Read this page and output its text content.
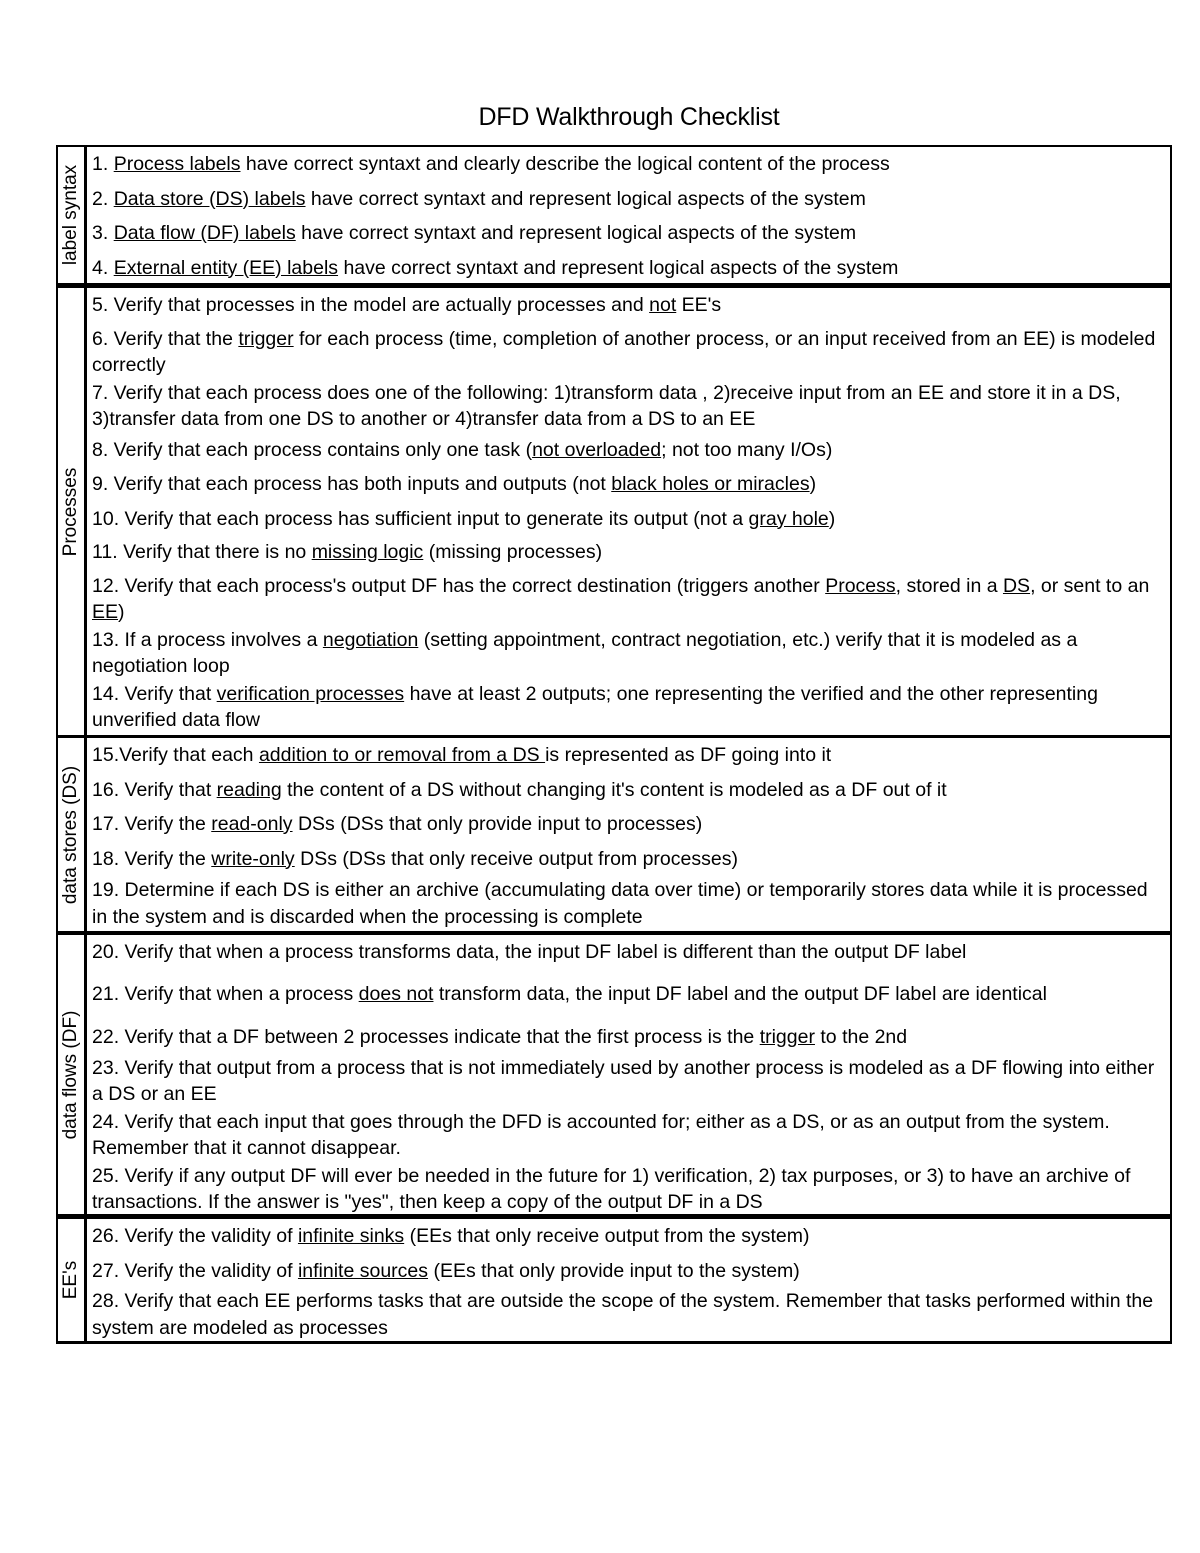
DFD Walkthrough Checklist
label syntax
1. Process labels have correct syntaxt and clearly describe the logical content of the process
2. Data store (DS) labels have correct syntaxt and represent logical aspects of the system
3. Data flow (DF) labels have correct syntaxt and represent logical aspects of the system
4. External entity (EE) labels have correct syntaxt and represent logical aspects of the system
Processes
5. Verify that processes in the model are actually processes and not EE's
6. Verify that the trigger for each process (time, completion of another process, or an input received from an EE) is modeled correctly
7. Verify that each process does one of the following: 1)transform data , 2)receive input from an EE and store it in a DS, 3)transfer data from one DS to another or 4)transfer data from a DS to an EE
8. Verify that each process contains only one task (not overloaded; not too many I/Os)
9. Verify that each process has both inputs and outputs (not black holes or miracles)
10. Verify that each process has sufficient input to generate its output (not a gray hole)
11. Verify that there is no missing logic (missing processes)
12. Verify that each process's output DF has the correct destination (triggers another Process, stored in a DS, or sent to an EE)
13. If a process involves a negotiation (setting appointment, contract negotiation, etc.) verify that it is modeled as a negotiation loop
14. Verify that verification processes have at least 2 outputs; one representing the verified and the other representing unverified data flow
data stores (DS)
15.Verify that each addition to or removal from a DS is represented as DF going into it
16. Verify that reading the content of a DS without changing it's content is modeled as a DF out of it
17. Verify the read-only DSs (DSs that only provide input to processes)
18. Verify the write-only DSs (DSs that only receive output from processes)
19. Determine if each DS is either an archive (accumulating data over time) or temporarily stores data while it is processed in the system and is discarded when the processing is complete
data flows (DF)
20. Verify that when a process transforms data, the input DF label is different than the output DF label
21. Verify that when a process does not transform data, the input DF label and the output DF label are identical
22. Verify that a DF between 2 processes indicate that the first process is the trigger to the 2nd
23. Verify that output from a process that is not immediately used by another process is modeled as a DF flowing into either a DS or an EE
24. Verify that each input that goes through the DFD is accounted for; either as a DS, or as an output from the system. Remember that it cannot disappear.
25. Verify if any output DF will ever be needed in the future for 1) verification, 2) tax purposes, or 3) to have an archive of transactions. If the answer is "yes", then keep a copy of the output DF in a DS
EE's
26. Verify the validity of infinite sinks (EEs that only receive output from the system)
27. Verify the validity of infinite sources (EEs that only provide input to the system)
28. Verify that each EE performs tasks that are outside the scope of the system. Remember that tasks performed within the system are modeled as processes
